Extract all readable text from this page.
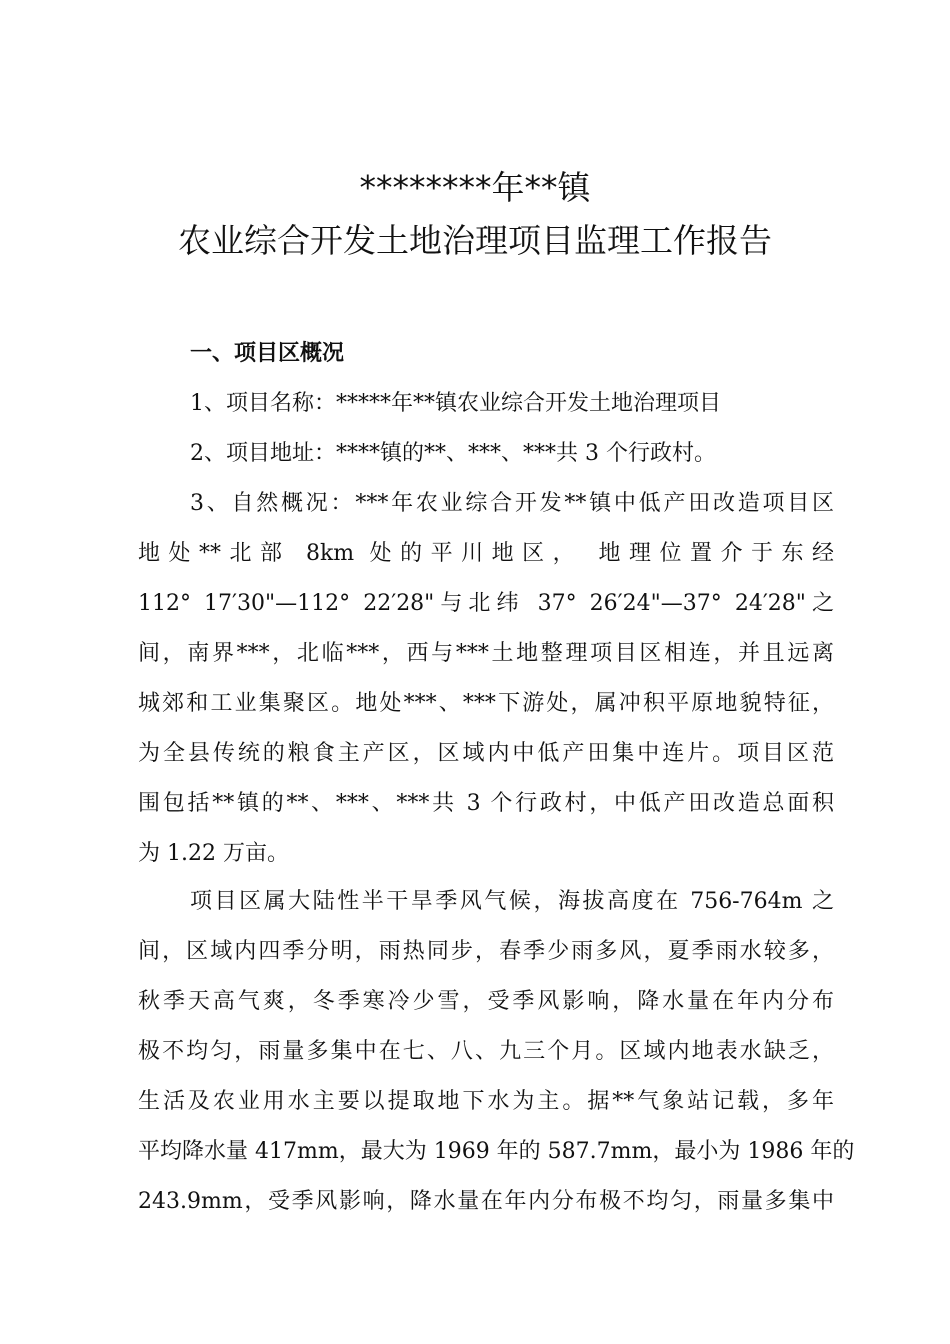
********年**镇
农业综合开发土地治理项目监理工作报告
一、项目区概况
1、项目名称：*****年**镇农业综合开发土地治理项目
2、项目地址：****镇的**、***、***共 3 个行政村。
3、自然概况：***年农业综合开发**镇中低产田改造项目区
地处**北部 8km 处的平川地区， 地理位置介于东经
112° 17′30"—112° 22′28"与北纬 37° 26′24"—37° 24′28"之
间，南界***，北临***，西与***土地整理项目区相连，并且远离
城郊和工业集聚区。地处***、***下游处，属冲积平原地貌特征，
为全县传统的粮食主产区，区域内中低产田集中连片。项目区范
围包括**镇的**、***、***共 3 个行政村，中低产田改造总面积
为 1.22 万亩。
项目区属大陆性半干旱季风气候，海拔高度在 756-764m 之
间，区域内四季分明，雨热同步，春季少雨多风，夏季雨水较多，
秋季天高气爽，冬季寒冷少雪，受季风影响，降水量在年内分布
极不均匀，雨量多集中在七、八、九三个月。区域内地表水缺乏，
生活及农业用水主要以提取地下水为主。据**气象站记载，多年
平均降水量 417mm，最大为 1969 年的 587.7mm，最小为 1986 年的
243.9mm，受季风影响，降水量在年内分布极不均匀，雨量多集中
